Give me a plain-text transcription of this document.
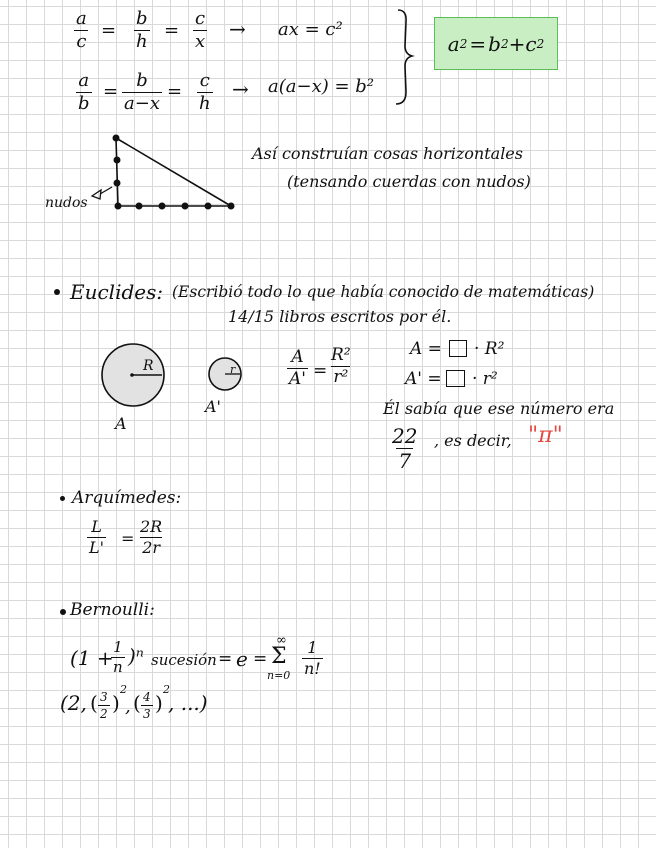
$\frac{a}{c} = \frac{b}{h} = \frac{c}{x}$ → ax = c²
$\frac{a}{b} = \frac{b}{a-x} = \frac{c}{h} \to a(a-x) = b^2$
a 2 = b 2 + c 2
nudos
Así construían cosas horizontales
(tensando cuerdas con nudos)
Euclides: (Escribió todo lo que había conocido de matemáticas)
14/15 libros escritos por él.
R
A
r
A'
$\frac{A}{A'} = \frac{\text{R²}}{\text{r²}}$	A = · R²
A' = · r²
Él sabía que ese número era
$\frac{22}{7}$ , es decir, "π"
Arquímedes:
$\frac{L}{L'} = \frac{2R}{2r}$
Bernoulli:
(1 +
$\frac{1}{n} )^n$ sucesión = e =
∞
Σ
$n=0 \frac{1}{n!}$
(2, ( $\frac{3}{2}$ )
2
, ( $\frac{4}{3}$ )
2
, ...)
